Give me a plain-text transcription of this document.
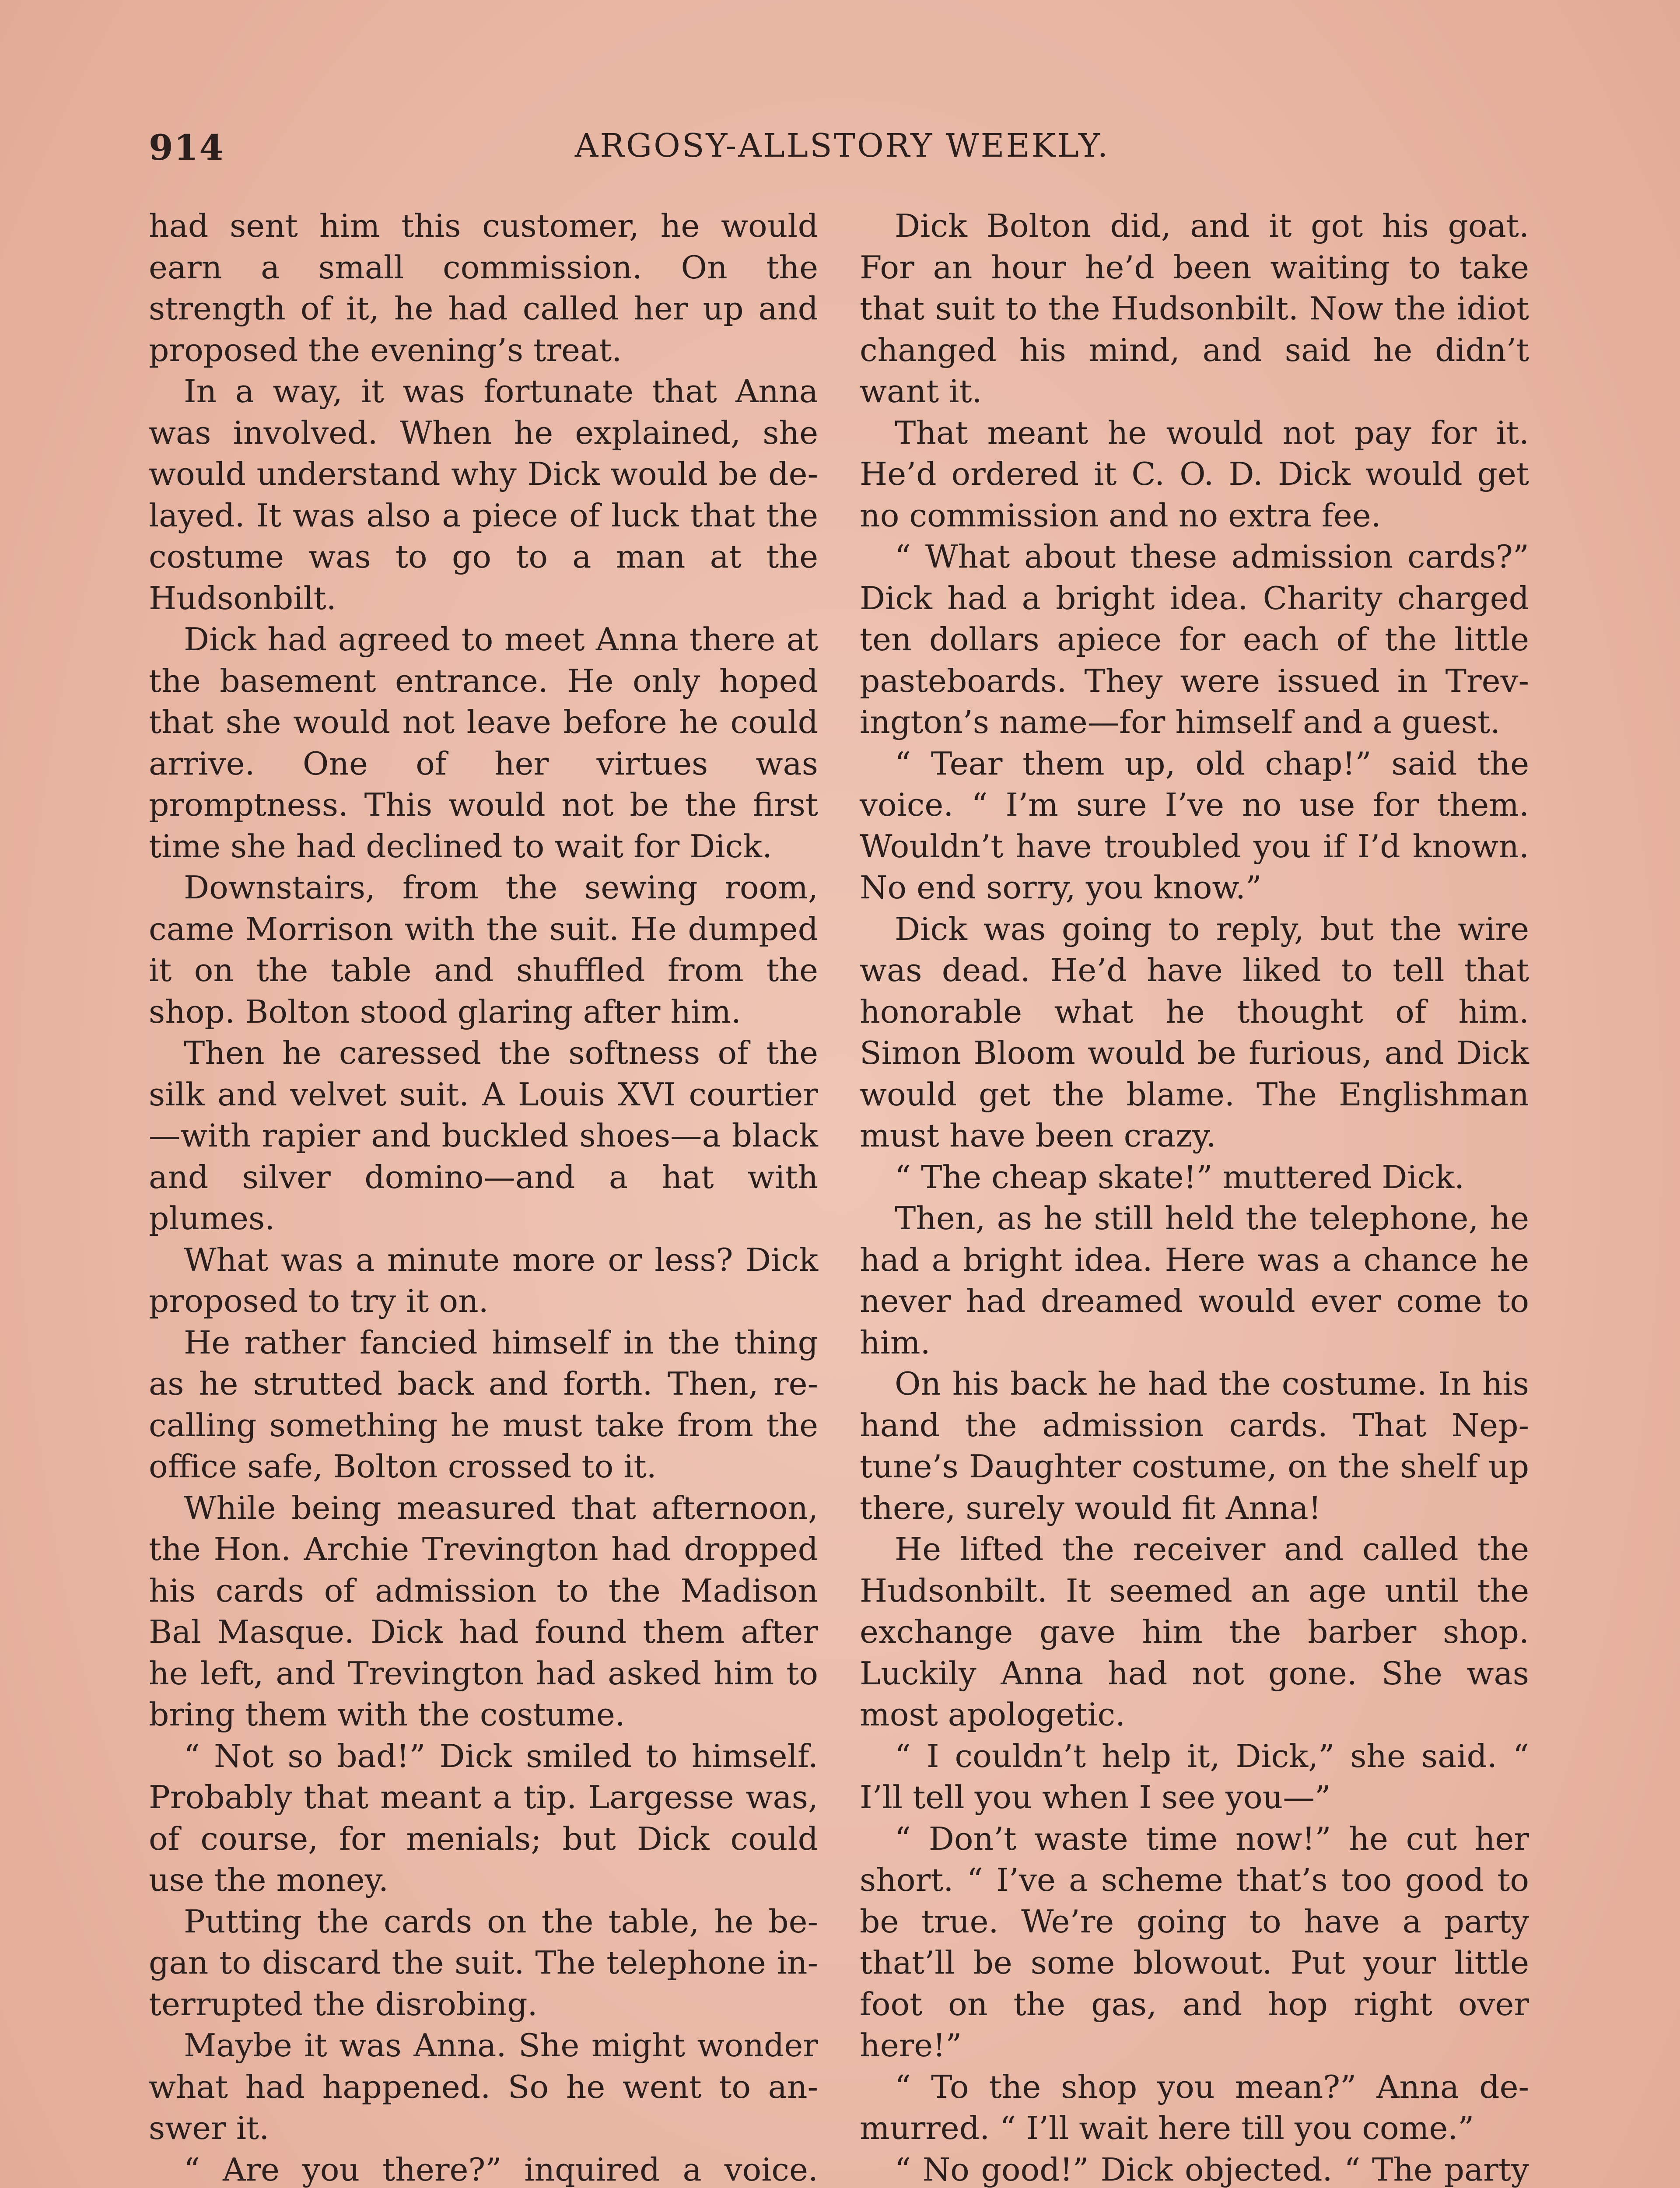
914	ARGOSY-ALLSTORY WEEKLY.

had sent him this customer, he would earn a small commission. On the strength of it, he had called her up and proposed the evening’s treat.

In a way, it was fortunate that Anna was involved. When he explained, she would understand why Dick would be delayed. It was also a piece of luck that the costume was to go to a man at the Hudsonbilt.

Dick had agreed to meet Anna there at the basement entrance. He only hoped that she would not leave before he could arrive. One of her virtues was promptness. This would not be the first time she had declined to wait for Dick.

Downstairs, from the sewing room, came Morrison with the suit. He dumped it on the table and shuffled from the shop. Bolton stood glaring after him.

Then he caressed the softness of the silk and velvet suit. A Louis XVI courtier—with rapier and buckled shoes—a black and silver domino—and a hat with plumes.

What was a minute more or less? Dick proposed to try it on.

He rather fancied himself in the thing as he strutted back and forth. Then, recalling something he must take from the office safe, Bolton crossed to it.

While being measured that afternoon, the Hon. Archie Trevington had dropped his cards of admission to the Madison Bal Masque. Dick had found them after he left, and Trevington had asked him to bring them with the costume.

“ Not so bad!” Dick smiled to himself. Probably that meant a tip. Largesse was, of course, for menials; but Dick could use the money.

Putting the cards on the table, he began to discard the suit. The telephone interrupted the disrobing.

Maybe it was Anna. She might wonder what had happened. So he went to answer it.

“ Are you there?” inquired a voice.

Dick Bolton did, and it got his goat. For an hour he’d been waiting to take that suit to the Hudsonbilt. Now the idiot changed his mind, and said he didn’t want it.

That meant he would not pay for it. He’d ordered it C. O. D. Dick would get no commission and no extra fee.

“ What about these admission cards?” Dick had a bright idea. Charity charged ten dollars apiece for each of the little pasteboards. They were issued in Trevington’s name—for himself and a guest.

“ Tear them up, old chap!” said the voice. “ I’m sure I’ve no use for them. Wouldn’t have troubled you if I’d known. No end sorry, you know.”

Dick was going to reply, but the wire was dead. He’d have liked to tell that honorable what he thought of him. Simon Bloom would be furious, and Dick would get the blame. The Englishman must have been crazy.

“ The cheap skate!” muttered Dick.

Then, as he still held the telephone, he had a bright idea. Here was a chance he never had dreamed would ever come to him.

On his back he had the costume. In his hand the admission cards. That Neptune’s Daughter costume, on the shelf up there, surely would fit Anna!

He lifted the receiver and called the Hudsonbilt. It seemed an age until the exchange gave him the barber shop. Luckily Anna had not gone. She was most apologetic.

“ I couldn’t help it, Dick,” she said. “ I’ll tell you when I see you—”

“ Don’t waste time now!” he cut her short. “ I’ve a scheme that’s too good to be true. We’re going to have a party that’ll be some blowout. Put your little foot on the gas, and hop right over here!”

“ To the shop you mean?” Anna demurred. “ I’ll wait here till you come.”

“ No good!” Dick objected. “ The party
